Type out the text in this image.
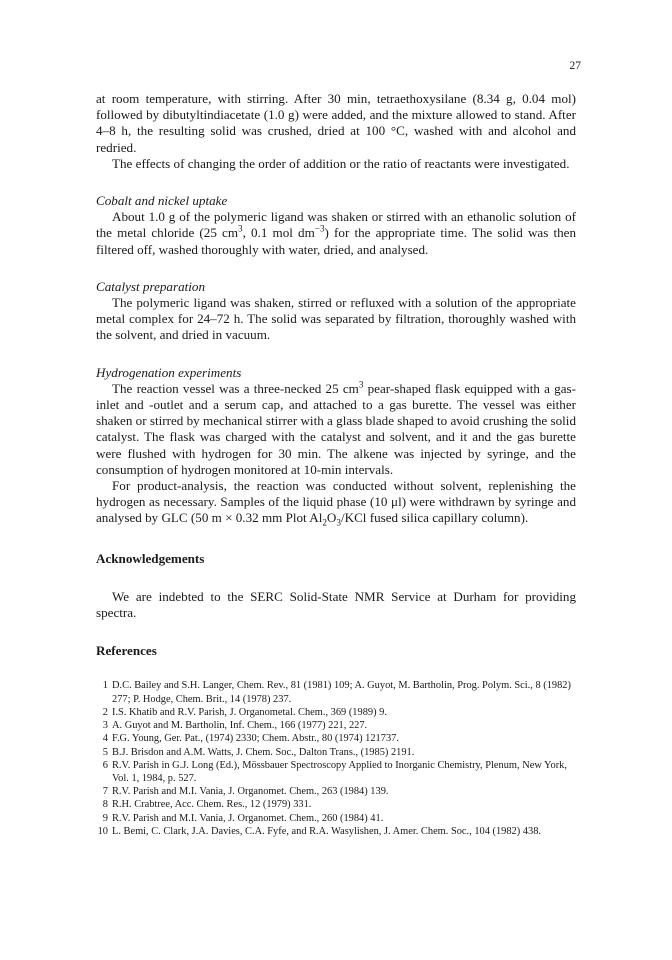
27

at room temperature, with stirring. After 30 min, tetraethoxysilane (8.34 g, 0.04 mol) followed by dibutyltindiacetate (1.0 g) were added, and the mixture allowed to stand. After 4–8 h, the resulting solid was crushed, dried at 100 °C, washed with and alcohol and redried.

The effects of changing the order of addition or the ratio of reactants were investigated.

Cobalt and nickel uptake

About 1.0 g of the polymeric ligand was shaken or stirred with an ethanolic solution of the metal chloride (25 $cm^3$, 0.1 mol $dm^{-3}$) for the appropriate time. The solid was then filtered off, washed thoroughly with water, dried, and analysed.

Catalyst preparation

The polymeric ligand was shaken, stirred or refluxed with a solution of the appropriate metal complex for 24–72 h. The solid was separated by filtration, thoroughly washed with the solvent, and dried in vacuum.

Hydrogenation experiments

The reaction vessel was a three-necked 25 $cm^3$ pear-shaped flask equipped with a gas-inlet and -outlet and a serum cap, and attached to a gas burette. The vessel was either shaken or stirred by mechanical stirrer with a glass blade shaped to avoid crushing the solid catalyst. The flask was charged with the catalyst and solvent, and it and the gas burette were flushed with hydrogen for 30 min. The alkene was injected by syringe, and the consumption of hydrogen monitored at 10-min intervals.

For product-analysis, the reaction was conducted without solvent, replenishing the hydrogen as necessary. Samples of the liquid phase (10 μl) were withdrawn by syringe and analysed by GLC (50 m × 0.32 mm Plot $Al_2O_3$/KCl fused silica capillary column).

Acknowledgements

We are indebted to the SERC Solid-State NMR Service at Durham for providing spectra.

References

1 D.C. Bailey and S.H. Langer, Chem. Rev., 81 (1981) 109; A. Guyot, M. Bartholin, Prog. Polym. Sci., 8 (1982) 277; P. Hodge, Chem. Brit., 14 (1978) 237.
2 I.S. Khatib and R.V. Parish, J. Organometal. Chem., 369 (1989) 9.
3 A. Guyot and M. Bartholin, Inf. Chem., 166 (1977) 221, 227.
4 F.G. Young, Ger. Pat., (1974) 2330; Chem. Abstr., 80 (1974) 121737.
5 B.J. Brisdon and A.M. Watts, J. Chem. Soc., Dalton Trans., (1985) 2191.
6 R.V. Parish in G.J. Long (Ed.), Mössbauer Spectroscopy Applied to Inorganic Chemistry, Plenum, New York, Vol. 1, 1984, p. 527.
7 R.V. Parish and M.I. Vania, J. Organomet. Chem., 263 (1984) 139.
8 R.H. Crabtree, Acc. Chem. Res., 12 (1979) 331.
9 R.V. Parish and M.I. Vania, J. Organomet. Chem., 260 (1984) 41.
10 L. Bemi, C. Clark, J.A. Davies, C.A. Fyfe, and R.A. Wasylishen, J. Amer. Chem. Soc., 104 (1982) 438.
